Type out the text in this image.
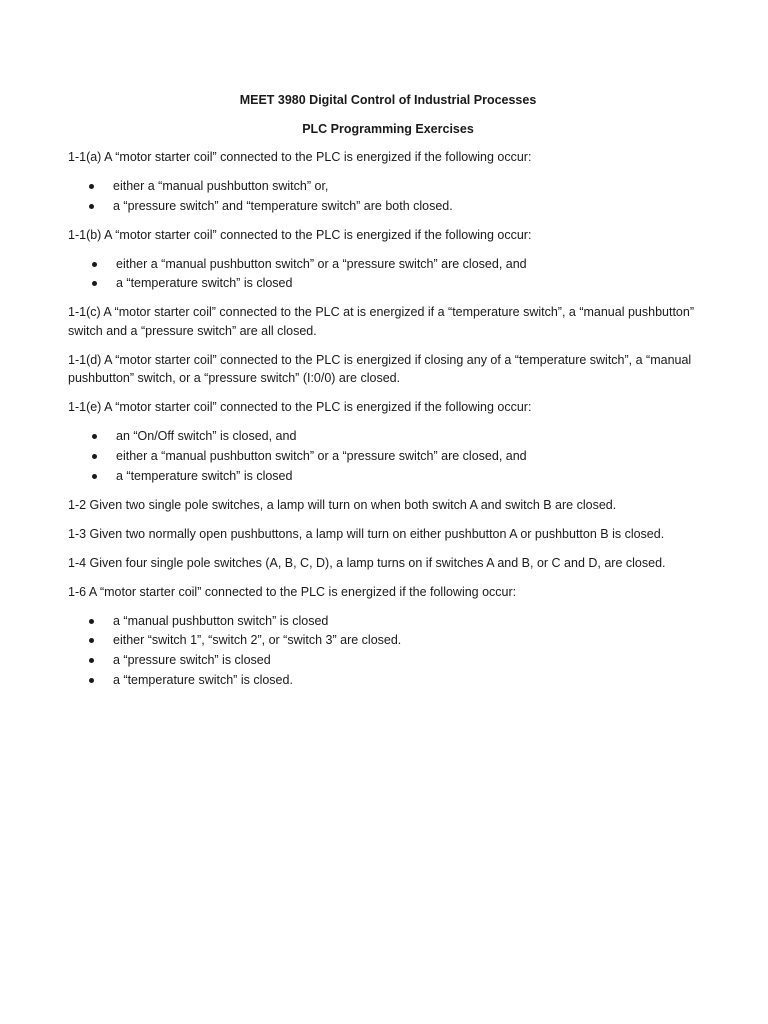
MEET 3980 Digital Control of Industrial Processes

PLC Programming Exercises

1-1(a) A “motor starter coil” connected to the PLC is energized if the following occur:

either a “manual pushbutton switch” or,
a “pressure switch” and “temperature switch” are both closed.

1-1(b) A “motor starter coil” connected to the PLC is energized if the following occur:

either a “manual pushbutton switch” or a “pressure switch” are closed, and
a “temperature switch” is closed

1-1(c) A “motor starter coil” connected to the PLC at is energized if a “temperature switch”, a “manual pushbutton” switch and a “pressure switch” are all closed.

1-1(d) A “motor starter coil” connected to the PLC is energized if closing any of a “temperature switch”, a “manual pushbutton” switch, or a “pressure switch” (I:0/0) are closed.

1-1(e) A “motor starter coil” connected to the PLC is energized if the following occur:

an “On/Off switch” is closed, and
either a “manual pushbutton switch” or a “pressure switch” are closed, and
a “temperature switch” is closed

1-2 Given two single pole switches, a lamp will turn on when both switch A and switch B are closed.

1-3 Given two normally open pushbuttons, a lamp will turn on either pushbutton A or pushbutton B is closed.

1-4 Given four single pole switches (A, B, C, D), a lamp turns on if switches A and B, or C and D, are closed.

1-6 A “motor starter coil” connected to the PLC is energized if the following occur:

a “manual pushbutton switch” is closed
either “switch 1”, “switch 2”, or “switch 3” are closed.
a “pressure switch” is closed
a “temperature switch” is closed.
